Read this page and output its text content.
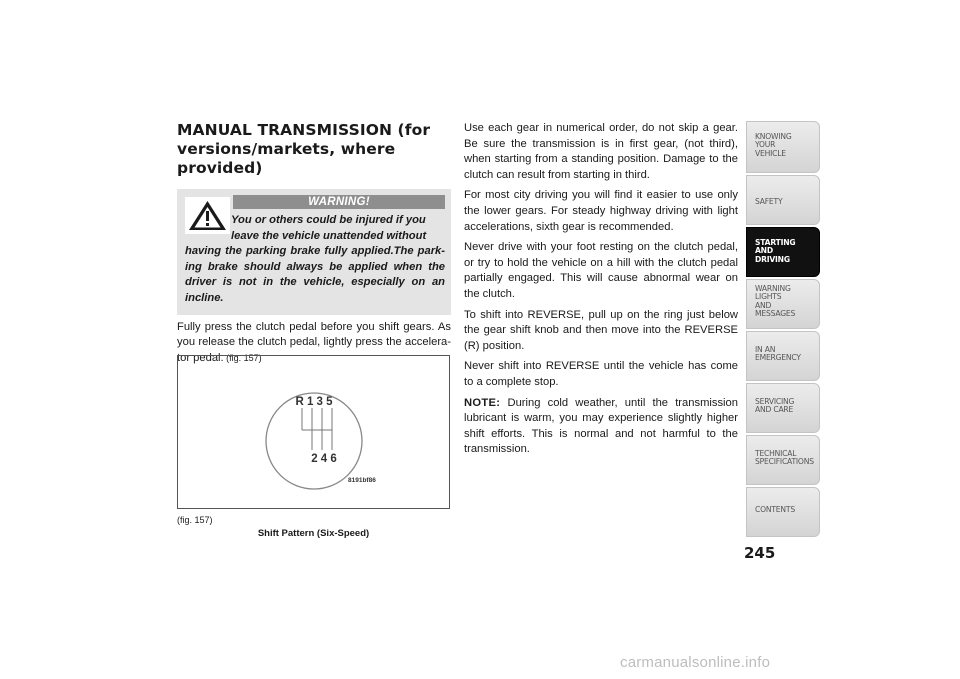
MANUAL TRANSMISSION (for
versions/markets, where
provided)
WARNING!
You or others could be injured if you
leave the vehicle unattended without
having the parking brake fully applied.The park-ing brake should always be applied when the driver is not in the vehicle, especially on an incline.

Fully press the clutch pedal before you shift gears. As you release the clutch pedal, lightly press the accelera-tor pedal. (fig. 157)

R 1 3 5
2 4 6
8191bf86
(fig. 157)
Shift Pattern (Six-Speed)

Use each gear in numerical order, do not skip a gear. Be sure the transmission is in first gear, (not third), when starting from a standing position. Damage to the clutch can result from starting in third.

For most city driving you will find it easier to use only the lower gears. For steady highway driving with light accelerations, sixth gear is recommended.

Never drive with your foot resting on the clutch pedal, or try to hold the vehicle on a hill with the clutch pedal partially engaged. This will cause abnormal wear on the clutch.

To shift into REVERSE, pull up on the ring just below the gear shift knob and then move into the REVERSE (R) position.

Never shift into REVERSE until the vehicle has come to a complete stop.

NOTE: During cold weather, until the transmission lubricant is warm, you may experience slightly higher shift efforts. This is normal and not harmful to the transmission.

KNOWING
YOUR
VEHICLE
SAFETY
STARTING
AND
DRIVING
WARNING
LIGHTS
AND
MESSAGES
IN AN
EMERGENCY
SERVICING
AND CARE
TECHNICAL
SPECIFICATIONS
CONTENTS
245
carmanualsonline.info
